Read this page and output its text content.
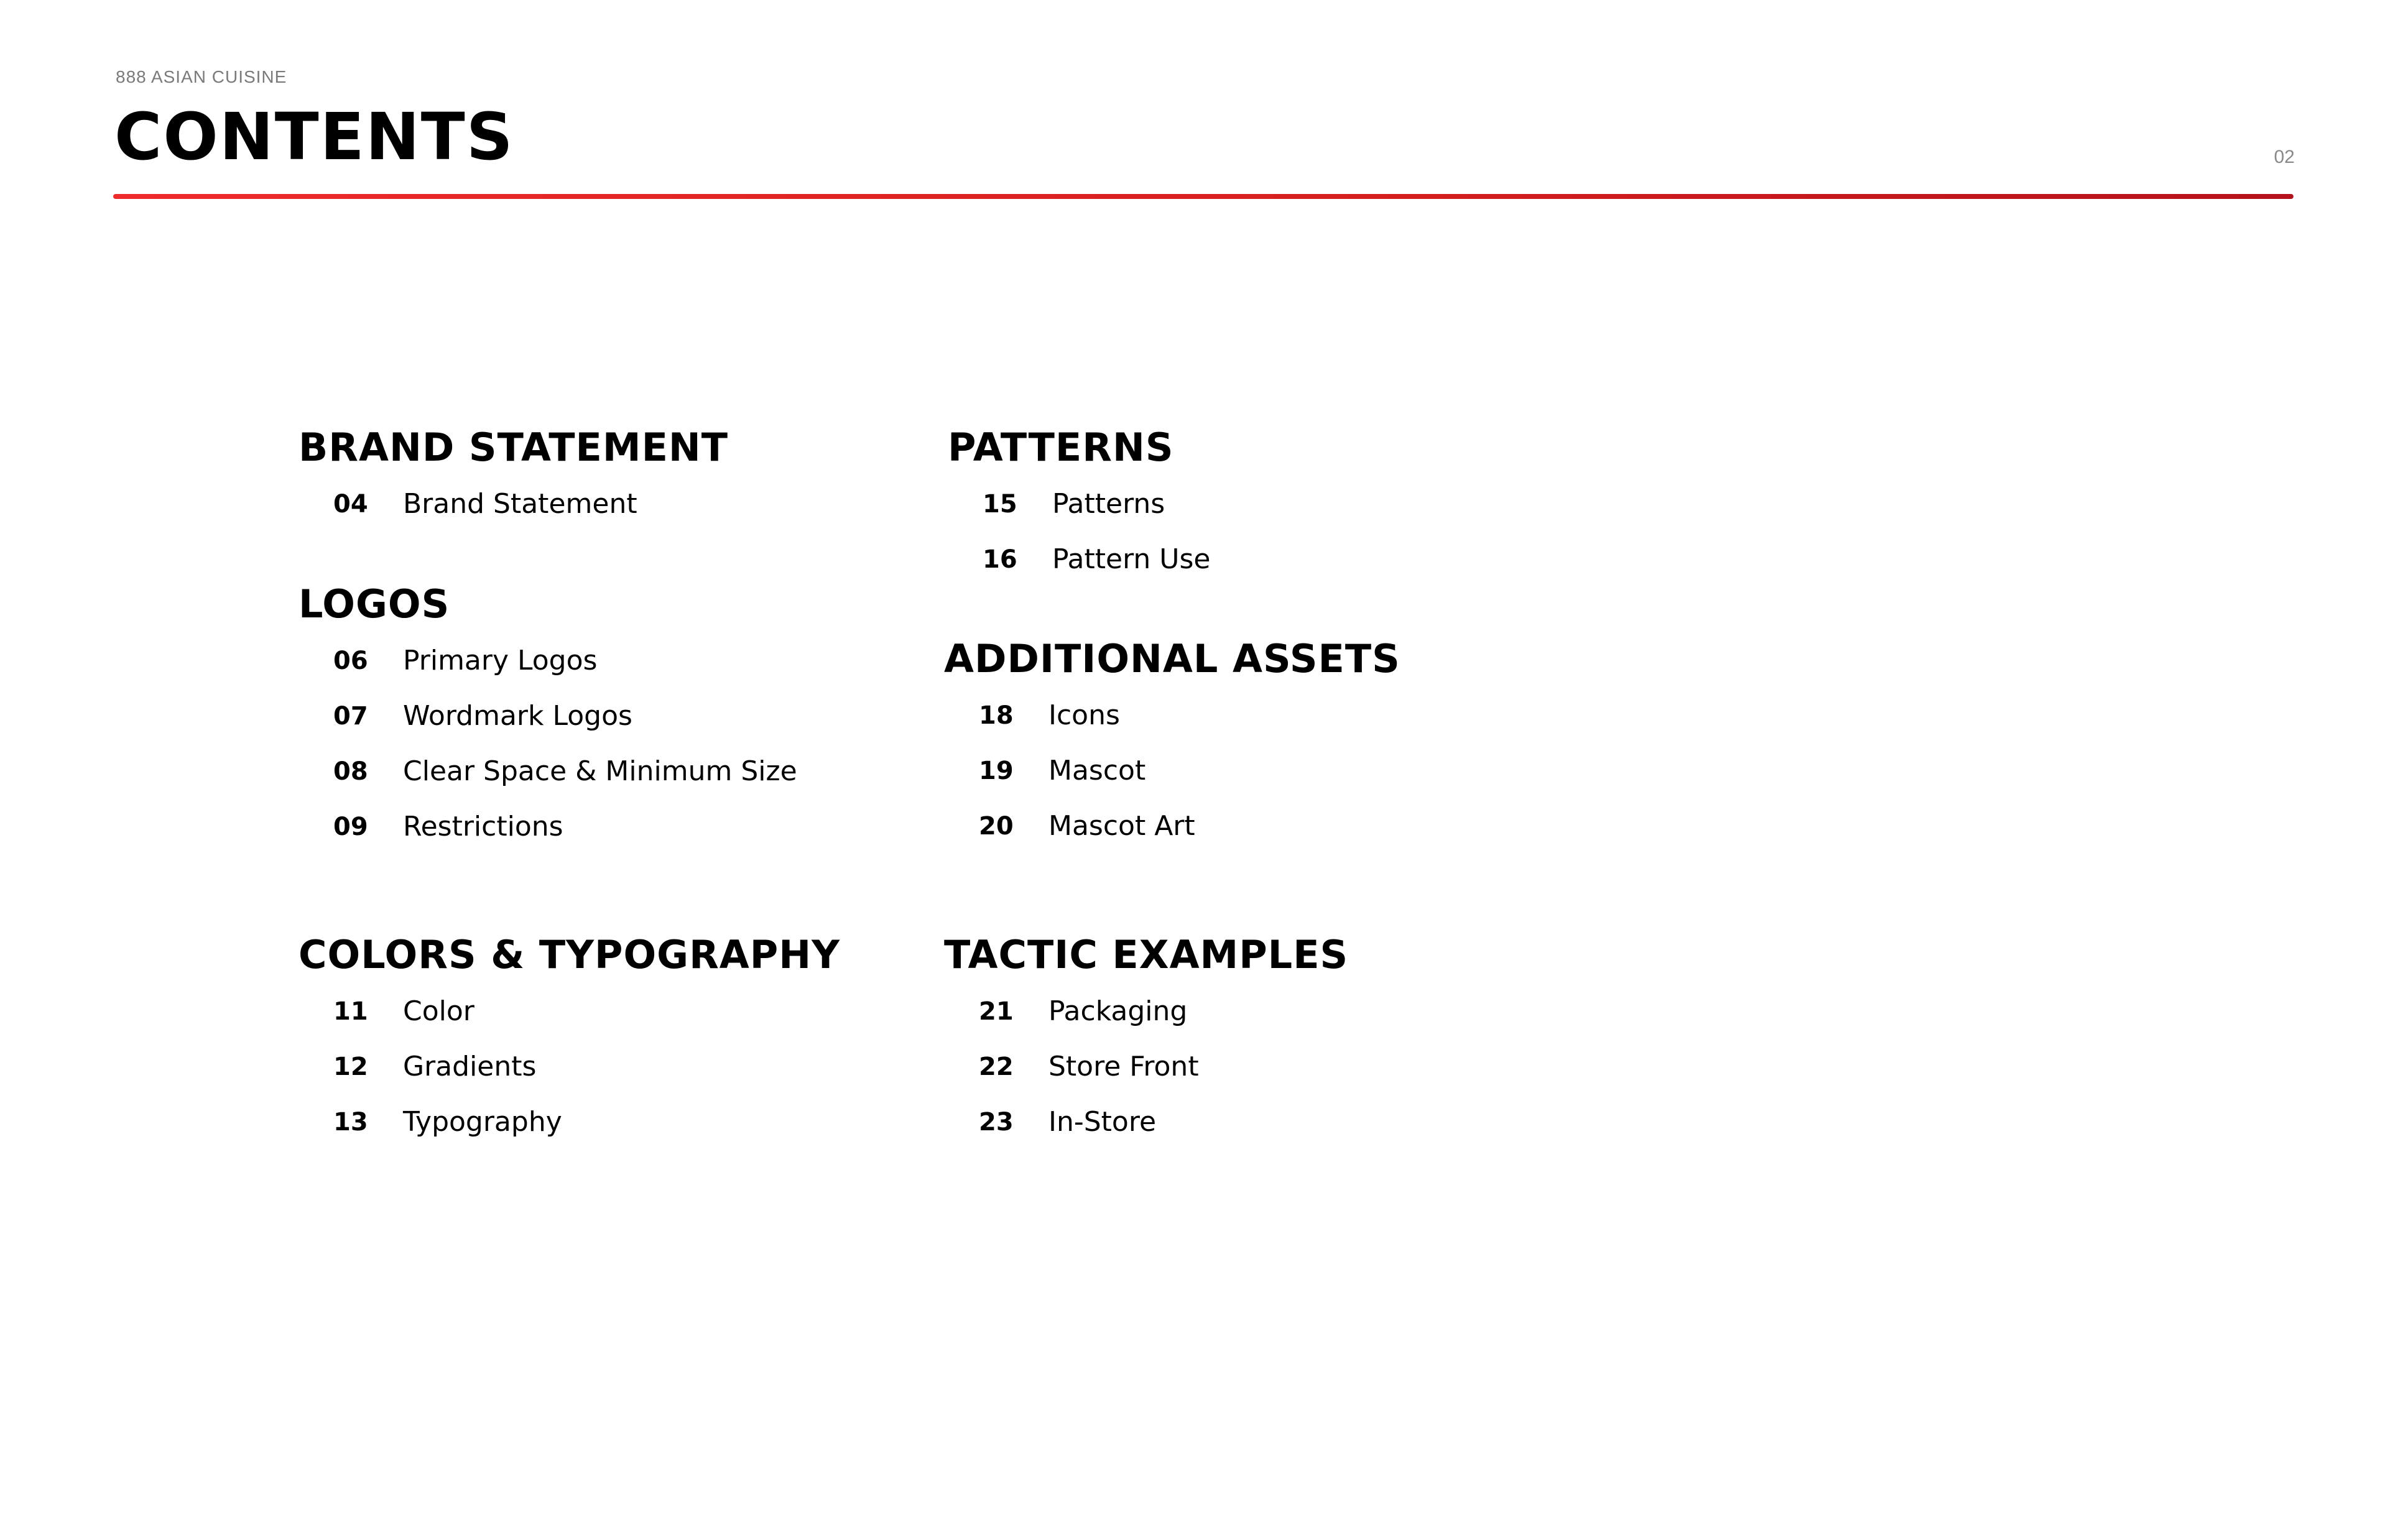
888 ASIAN CUISINE
CONTENTS	02
BRAND STATEMENT
04	Brand Statement
LOGOS
06	Primary Logos
07	Wordmark Logos
08	Clear Space & Minimum Size
09	Restrictions
COLORS & TYPOGRAPHY
11	Color
12	Gradients
13	Typography
PATTERNS
15	Patterns
16	Pattern Use
ADDITIONAL ASSETS
18	Icons
19	Mascot
20	Mascot Art
TACTIC EXAMPLES
21	Packaging
22	Store Front
23	In-Store
